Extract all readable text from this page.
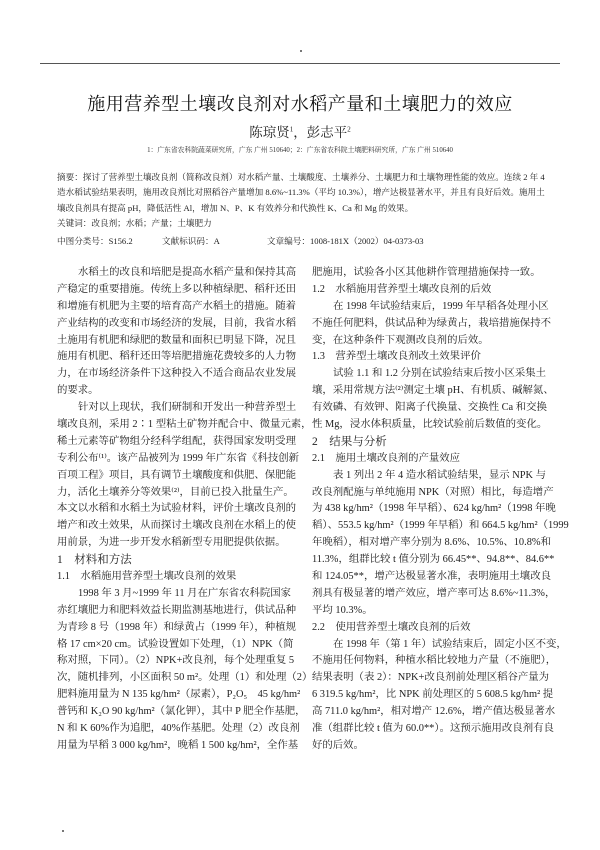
施用营养型土壤改良剂对水稻产量和土壤肥力的效应
陈琼贤$^1$，彭志平$^2$
1：广东省农科院蔬菜研究所，广东 广州 510640；2：广东省农科院土壤肥料研究所，广东 广州 510640
摘要：探讨了营养型土壤改良剂（简称改良剂）对水稻产量、土壤酸度、土壤养分、土壤肥力和土壤物理性能的效应。连续 2 年 4
造水稻试验结果表明，施用改良剂比对照稻谷产量增加 8.6%~11.3%（平均 10.3%），增产达极显著水平，并且有良好后效。施用土
壤改良剂具有提高 pH，降低活性 Al，增加 N、P、K 有效养分和代换性 K、Ca 和 Mg 的效果。
关键词：改良剂；水稻；产量；土壤肥力
中图分类号：S156.2	文献标识码：A	文章编号：1008-181X（2002）04-0373-03
水稻土的改良和培肥是提高水稻产量和保持其高
产稳定的重要措施。传统上多以种植绿肥、稻秆还田
和增施有机肥为主要的培育高产水稻土的措施。随着
产业结构的改变和市场经济的发展，目前，我省水稻
土施用有机肥和绿肥的数量和面积已明显下降，况且
施用有机肥、稻秆还田等培肥措施花费较多的人力物
力，在市场经济条件下这种投入不适合商品农业发展
的要求。
针对以上现状，我们研制和开发出一种营养型土
壤改良剂，采用 2∶1 型粘土矿物并配合中、微量元素，
稀土元素等矿物组分经科学组配，获得国家发明受理
专利公布⁽¹⁾。该产品被列为 1999 年广东省《科技创新
百项工程》项目，具有调节土壤酸度和供肥、保肥能
力，活化土壤养分等效果⁽²⁾，目前已投入批量生产。
本文以水稻和水稻土为试验材料，评价土壤改良剂的
增产和改土效果，从而探讨土壤改良剂在水稻上的使
用前景，为进一步开发水稻新型专用肥提供依据。
1　材料和方法
1.1　水稻施用营养型土壤改良剂的效果
1998 年 3 月~1999 年 11 月在广东省农科院国家
赤红壤肥力和肥料效益长期监测基地进行，供试品种
为青珍 8 号（1998 年）和绿黄占（1999 年），种植规
格 17 cm×20 cm。试验设置如下处理，（1）NPK（简
称对照，下同）。（2）NPK+改良剂，每个处理重复 5
次，随机排列，小区面积 50 m²。处理（1）和处理（2）
肥料施用量为 N 135 kg/hm²（尿素），P₂O₅　45 kg/hm²
普钙和 K₂O 90 kg/hm²（氯化钾），其中 P 肥全作基肥，
N 和 K 60%作为追肥，40%作基肥。处理（2）改良剂
用量为早稻 3 000 kg/hm²，晚稻 1 500 kg/hm²，全作基
肥施用，试验各小区其他耕作管理措施保持一致。
1.2　水稻施用营养型土壤改良剂的后效
在 1998 年试验结束后，1999 年早稻各处理小区
不施任何肥料，供试品种为绿黄占，栽培措施保持不
变，在这种条件下观测改良剂的后效。
1.3　营养型土壤改良剂改土效果评价
试验 1.1 和 1.2 分别在试验结束后按小区采集土
壤，采用常规方法⁽²⁾测定土壤 pH、有机质、碱解氮、
有效磷、有效钾、阳离子代换量、交换性 Ca 和交换
性 Mg，浸水体积质量，比较试验前后数值的变化。
2　结果与分析
2.1　施用土壤改良剂的产量效应
表 1 列出 2 年 4 造水稻试验结果，显示 NPK 与
改良剂配施与单纯施用 NPK（对照）相比，每造增产
为 438 kg/hm²（1998 年早稻）、624 kg/hm²（1998 年晚
稻）、553.5 kg/hm²（1999 年早稻）和 664.5 kg/hm²（1999
年晚稻），相对增产率分别为 8.6%、10.5%、10.8%和
11.3%，组群比较 t 值分别为 66.45**、94.8**、84.6**
和 124.05**，增产达极显著水准，表明施用土壤改良
剂具有极显著的增产效应，增产率可达 8.6%~11.3%，
平均 10.3%。
2.2　使用营养型土壤改良剂的后效
在 1998 年（第 1 年）试验结束后，固定小区不变，
不施用任何物料，种植水稻比较地力产量（不施肥），
结果表明（表 2）：NPK+改良剂前处理区稻谷产量为
6 319.5 kg/hm²，比 NPK 前处理区的 5 608.5 kg/hm² 提
高 711.0 kg/hm²，相对增产 12.6%，增产值达极显著水
准（组群比较 t 值为 60.0**）。这预示施用改良剂有良
好的后效。
